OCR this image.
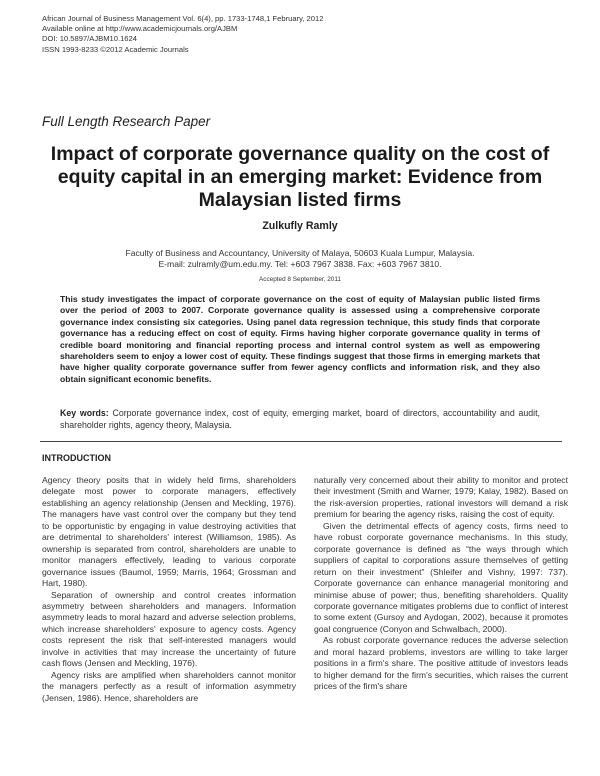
African Journal of Business Management Vol. 6(4), pp. 1733-1748,1 February, 2012
Available online at http://www.academicjournals.org/AJBM
DOI: 10.5897/AJBM10.1624
ISSN 1993-8233 ©2012 Academic Journals
Full Length Research Paper
Impact of corporate governance quality on the cost of equity capital in an emerging market: Evidence from Malaysian listed firms
Zulkufly Ramly
Faculty of Business and Accountancy, University of Malaya, 50603 Kuala Lumpur, Malaysia.
E-mail: zulramly@um.edu.my. Tel: +603 7967 3838. Fax: +603 7967 3810.
Accepted 8 September, 2011
This study investigates the impact of corporate governance on the cost of equity of Malaysian public listed firms over the period of 2003 to 2007. Corporate governance quality is assessed using a comprehensive corporate governance index consisting six categories. Using panel data regression technique, this study finds that corporate governance has a reducing effect on cost of equity. Firms having higher corporate governance quality in terms of credible board monitoring and financial reporting process and internal control system as well as empowering shareholders seem to enjoy a lower cost of equity. These findings suggest that those firms in emerging markets that have higher quality corporate governance suffer from fewer agency conflicts and information risk, and they also obtain significant economic benefits.
Key words: Corporate governance index, cost of equity, emerging market, board of directors, accountability and audit, shareholder rights, agency theory, Malaysia.
INTRODUCTION

Agency theory posits that in widely held firms, shareholders delegate most power to corporate managers, effectively establishing an agency relationship (Jensen and Meckling, 1976). The managers have vast control over the company but they tend to be opportunistic by engaging in value destroying activities that are detrimental to shareholders' interest (Williamson, 1985). As ownership is separated from control, shareholders are unable to monitor managers effectively, leading to various corporate governance issues (Baumol, 1959; Marris, 1964; Grossman and Hart, 1980).

Separation of ownership and control creates information asymmetry between shareholders and managers. Information asymmetry leads to moral hazard and adverse selection problems, which increase shareholders' exposure to agency costs. Agency costs represent the risk that self-interested managers would involve in activities that may increase the uncertainty of future cash flows (Jensen and Meckling, 1976).

Agency risks are amplified when shareholders cannot monitor the managers perfectly as a result of information asymmetry (Jensen, 1986). Hence, shareholders are

naturally very concerned about their ability to monitor and protect their investment (Smith and Warner, 1979; Kalay, 1982). Based on the risk-aversion properties, rational investors will demand a risk premium for bearing the agency risks, raising the cost of equity.

Given the detrimental effects of agency costs, firms need to have robust corporate governance mechanisms. In this study, corporate governance is defined as “the ways through which suppliers of capital to corporations assure themselves of getting return on their investment” (Shleifer and Vishny, 1997: 737). Corporate governance can enhance managerial monitoring and minimise abuse of power; thus, benefiting shareholders. Quality corporate governance mitigates problems due to conflict of interest to some extent (Gursoy and Aydogan, 2002), because it promotes goal congruence (Conyon and Schwalbach, 2000).

As robust corporate governance reduces the adverse selection and moral hazard problems, investors are willing to take larger positions in a firm's share. The positive attitude of investors leads to higher demand for the firm's securities, which raises the current prices of the firm's share
